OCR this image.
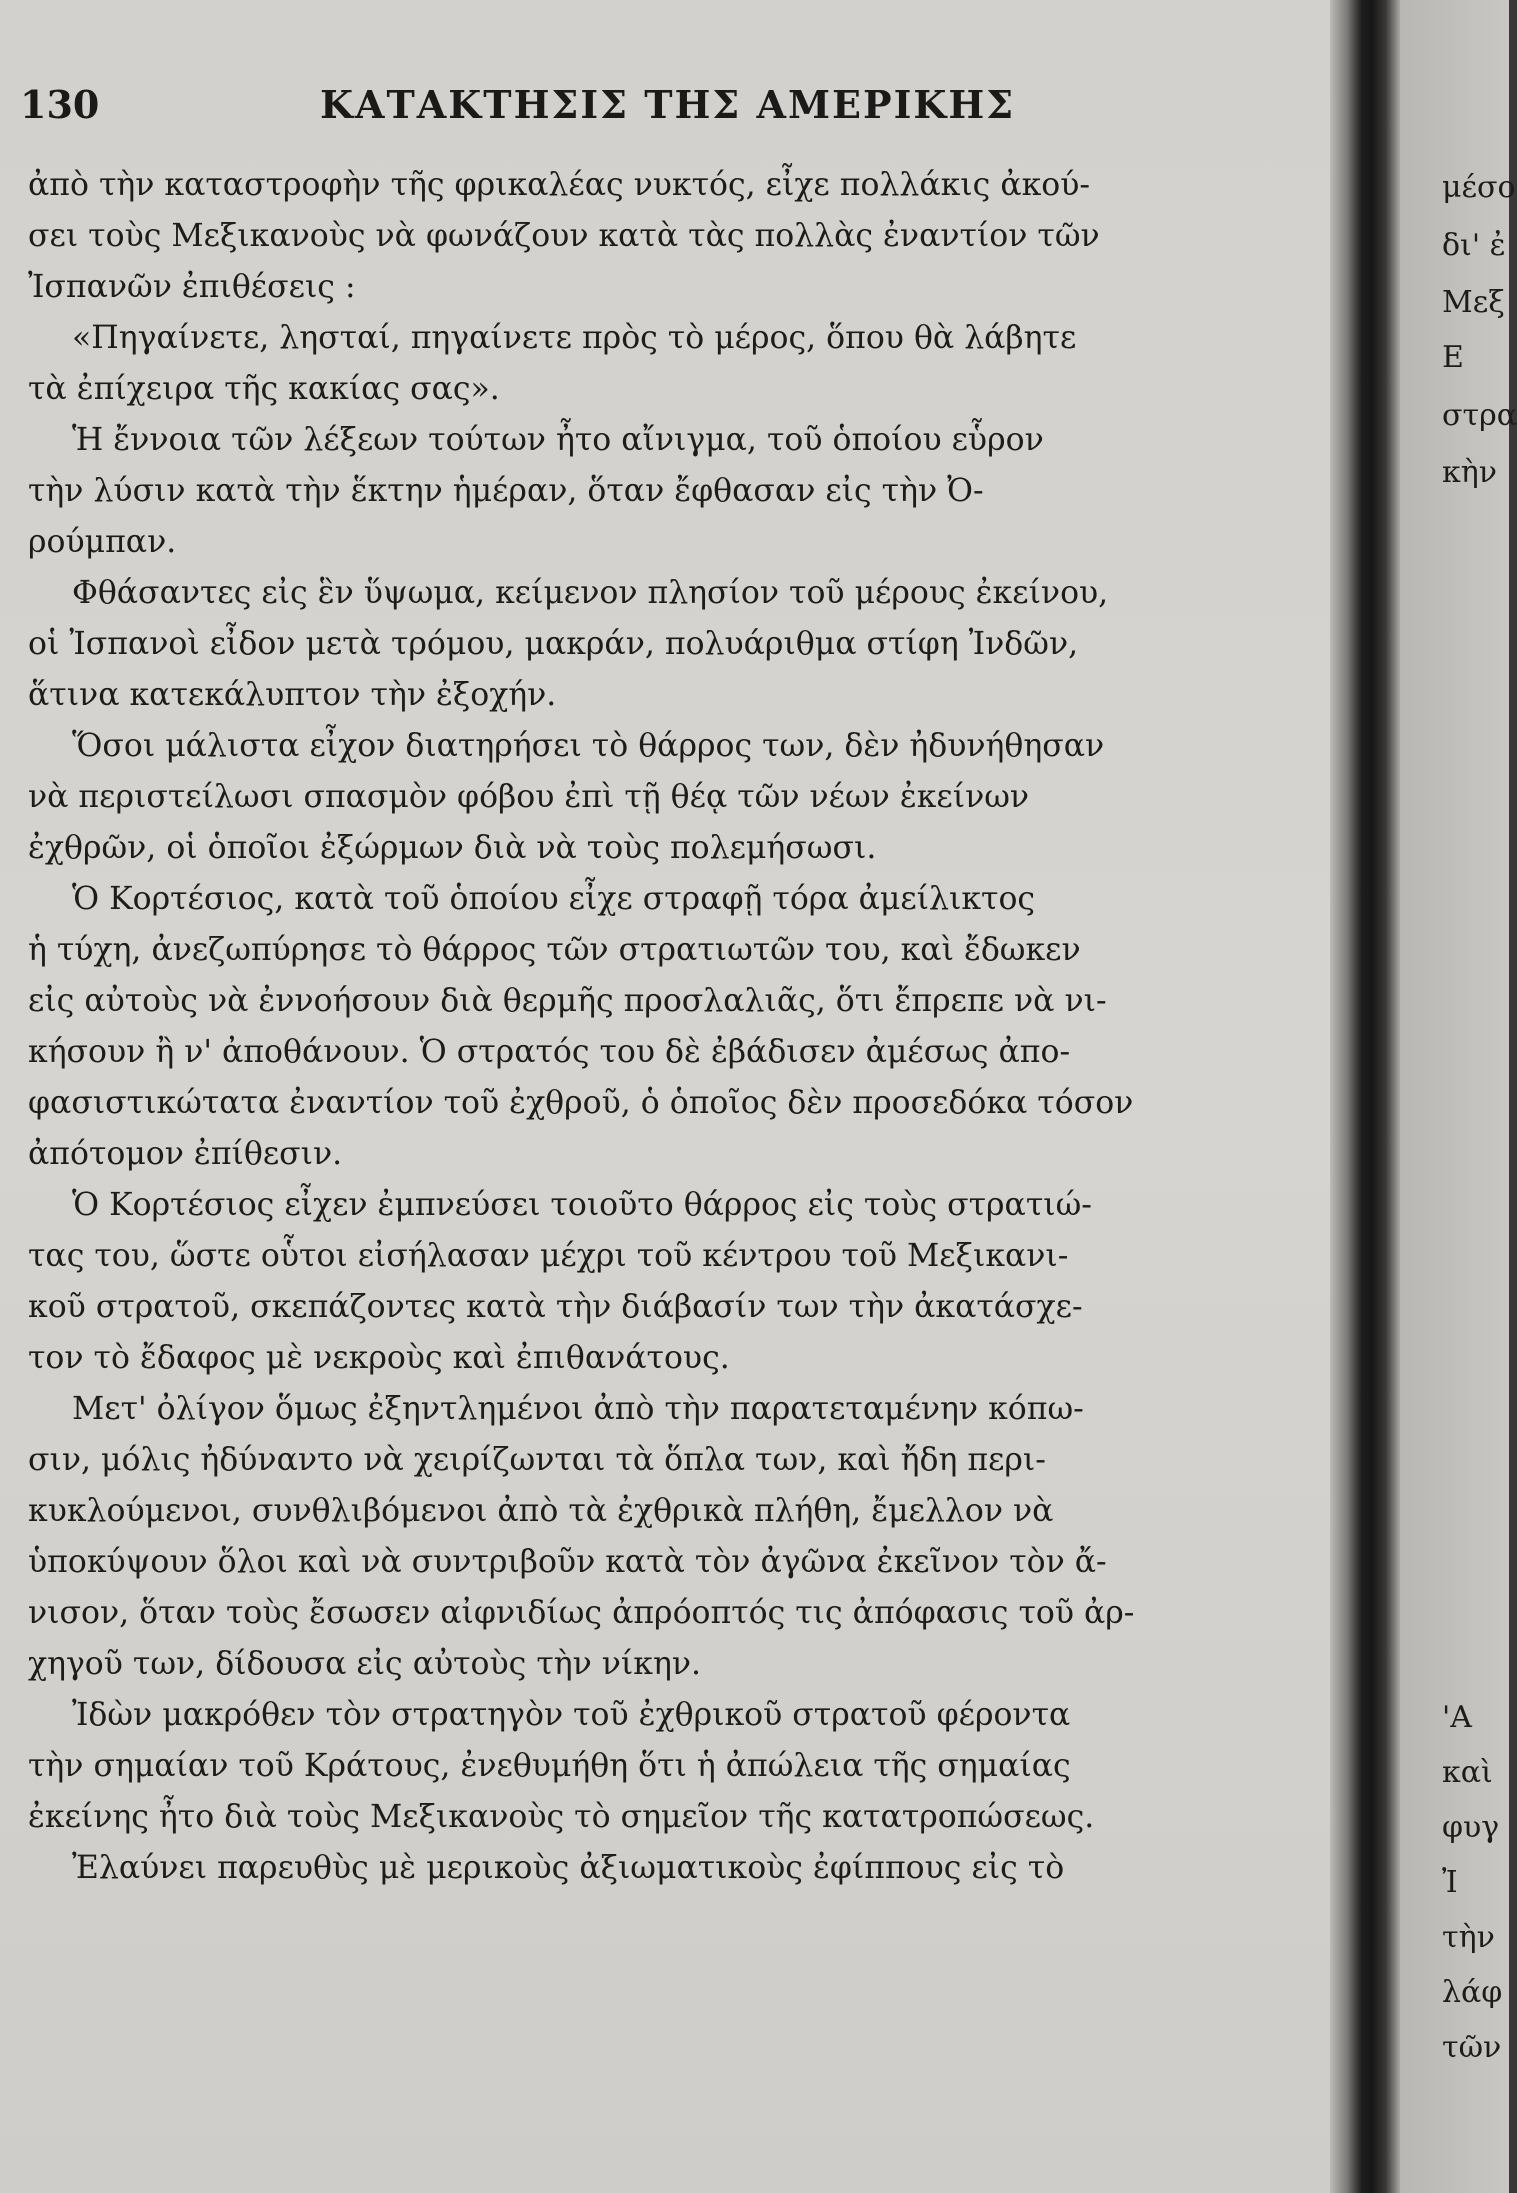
130	ΚΑΤΑΚΤΗΣΙΣ ΤΗΣ ΑΜΕΡΙΚΗΣ
ἀπὸ τὴν καταστροφὴν τῆς φρικαλέας νυκτός, εἶχε πολλάκις ἀκού-
σει τοὺς Μεξικανοὺς νὰ φωνάζουν κατὰ τὰς πολλὰς ἐναντίον τῶν
Ἰσπανῶν ἐπιθέσεις :
«Πηγαίνετε, λησταί, πηγαίνετε πρὸς τὸ μέρος, ὅπου θὰ λάβητε
τὰ ἐπίχειρα τῆς κακίας σας».
Ἡ ἔννοια τῶν λέξεων τούτων ἦτο αἴνιγμα, τοῦ ὁποίου εὗρον
τὴν λύσιν κατὰ τὴν ἕκτην ἡμέραν, ὅταν ἔφθασαν εἰς τὴν Ὀ-
ρούμπαν.
Φθάσαντες εἰς ἓν ὕψωμα, κείμενον πλησίον τοῦ μέρους ἐκείνου,
οἱ Ἰσπανοὶ εἶδον μετὰ τρόμου, μακράν, πολυάριθμα στίφη Ἰνδῶν,
ἅτινα κατεκάλυπτον τὴν ἐξοχήν.
Ὅσοι μάλιστα εἶχον διατηρήσει τὸ θάρρος των, δὲν ἠδυνήθησαν
νὰ περιστείλωσι σπασμὸν φόβου ἐπὶ τῇ θέᾳ τῶν νέων ἐκείνων
ἐχθρῶν, οἱ ὁποῖοι ἐξώρμων διὰ νὰ τοὺς πολεμήσωσι.
Ὁ Κορτέσιος, κατὰ τοῦ ὁποίου εἶχε στραφῇ τόρα ἀμείλικτος
ἡ τύχη, ἀνεζωπύρησε τὸ θάρρος τῶν στρατιωτῶν του, καὶ ἔδωκεν
εἰς αὐτοὺς νὰ ἐννοήσουν διὰ θερμῆς προσλαλιᾶς, ὅτι ἔπρεπε νὰ νι-
κήσουν ἢ ν' ἀποθάνουν. Ὁ στρατός του δὲ ἐβάδισεν ἀμέσως ἀπο-
φασιστικώτατα ἐναντίον τοῦ ἐχθροῦ, ὁ ὁποῖος δὲν προσεδόκα τόσον
ἀπότομον ἐπίθεσιν.
Ὁ Κορτέσιος εἶχεν ἐμπνεύσει τοιοῦτο θάρρος εἰς τοὺς στρατιώ-
τας του, ὥστε οὗτοι εἰσήλασαν μέχρι τοῦ κέντρου τοῦ Μεξικανι-
κοῦ στρατοῦ, σκεπάζοντες κατὰ τὴν διάβασίν των τὴν ἀκατάσχε-
τον τὸ ἔδαφος μὲ νεκροὺς καὶ ἐπιθανάτους.
Μετ' ὀλίγον ὅμως ἐξηντλημένοι ἀπὸ τὴν παρατεταμένην κόπω-
σιν, μόλις ἠδύναντο νὰ χειρίζωνται τὰ ὅπλα των, καὶ ἤδη περι-
κυκλούμενοι, συνθλιβόμενοι ἀπὸ τὰ ἐχθρικὰ πλήθη, ἔμελλον νὰ
ὑποκύψουν ὅλοι καὶ νὰ συντριβοῦν κατὰ τὸν ἀγῶνα ἐκεῖνον τὸν ἄ-
νισον, ὅταν τοὺς ἔσωσεν αἰφνιδίως ἀπρόοπτός τις ἀπόφασις τοῦ ἀρ-
χηγοῦ των, δίδουσα εἰς αὐτοὺς τὴν νίκην.
Ἰδὼν μακρόθεν τὸν στρατηγὸν τοῦ ἐχθρικοῦ στρατοῦ φέροντα
τὴν σημαίαν τοῦ Κράτους, ἐνεθυμήθη ὅτι ἡ ἀπώλεια τῆς σημαίας
ἐκείνης ἦτο διὰ τοὺς Μεξικανοὺς τὸ σημεῖον τῆς κατατροπώσεως.
Ἐλαύνει παρευθὺς μὲ μερικοὺς ἀξιωματικοὺς ἐφίππους εἰς τὸ
μέσο
δι' ἐ
Μεξ
Ε
στρα
κὴν
'Α
καὶ
φυγ
Ἰ
τὴν
λάφ
τῶν
